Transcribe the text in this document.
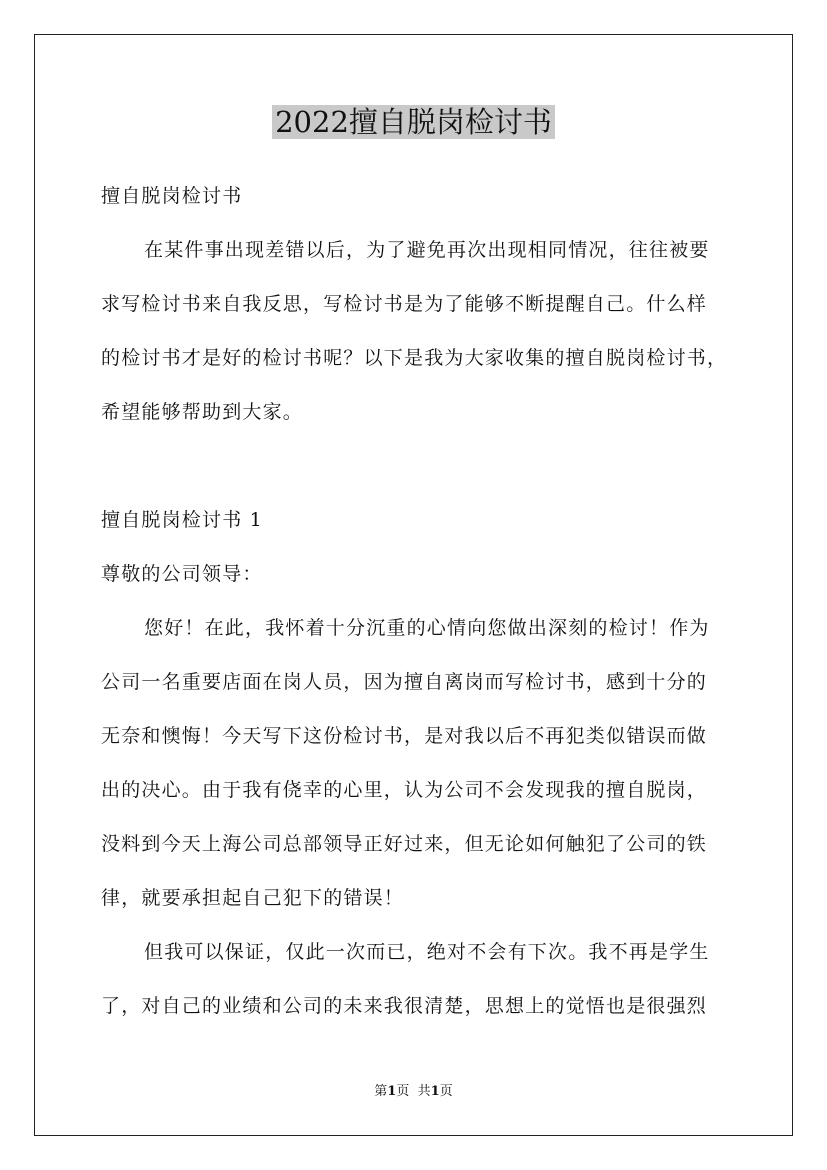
2022擅自脱岗检讨书
擅自脱岗检讨书
在某件事出现差错以后，为了避免再次出现相同情况，往往被要
求写检讨书来自我反思，写检讨书是为了能够不断提醒自己。什么样
的检讨书才是好的检讨书呢？以下是我为大家收集的擅自脱岗检讨书，
希望能够帮助到大家。
擅自脱岗检讨书 1
尊敬的公司领导：
您好！在此，我怀着十分沉重的心情向您做出深刻的检讨！作为
公司一名重要店面在岗人员，因为擅自离岗而写检讨书，感到十分的
无奈和懊悔！今天写下这份检讨书，是对我以后不再犯类似错误而做
出的决心。由于我有侥幸的心里，认为公司不会发现我的擅自脱岗，
没料到今天上海公司总部领导正好过来，但无论如何触犯了公司的铁
律，就要承担起自己犯下的错误！
但我可以保证，仅此一次而已，绝对不会有下次。我不再是学生
了，对自己的业绩和公司的未来我很清楚，思想上的觉悟也是很强烈
第1页 共1页
